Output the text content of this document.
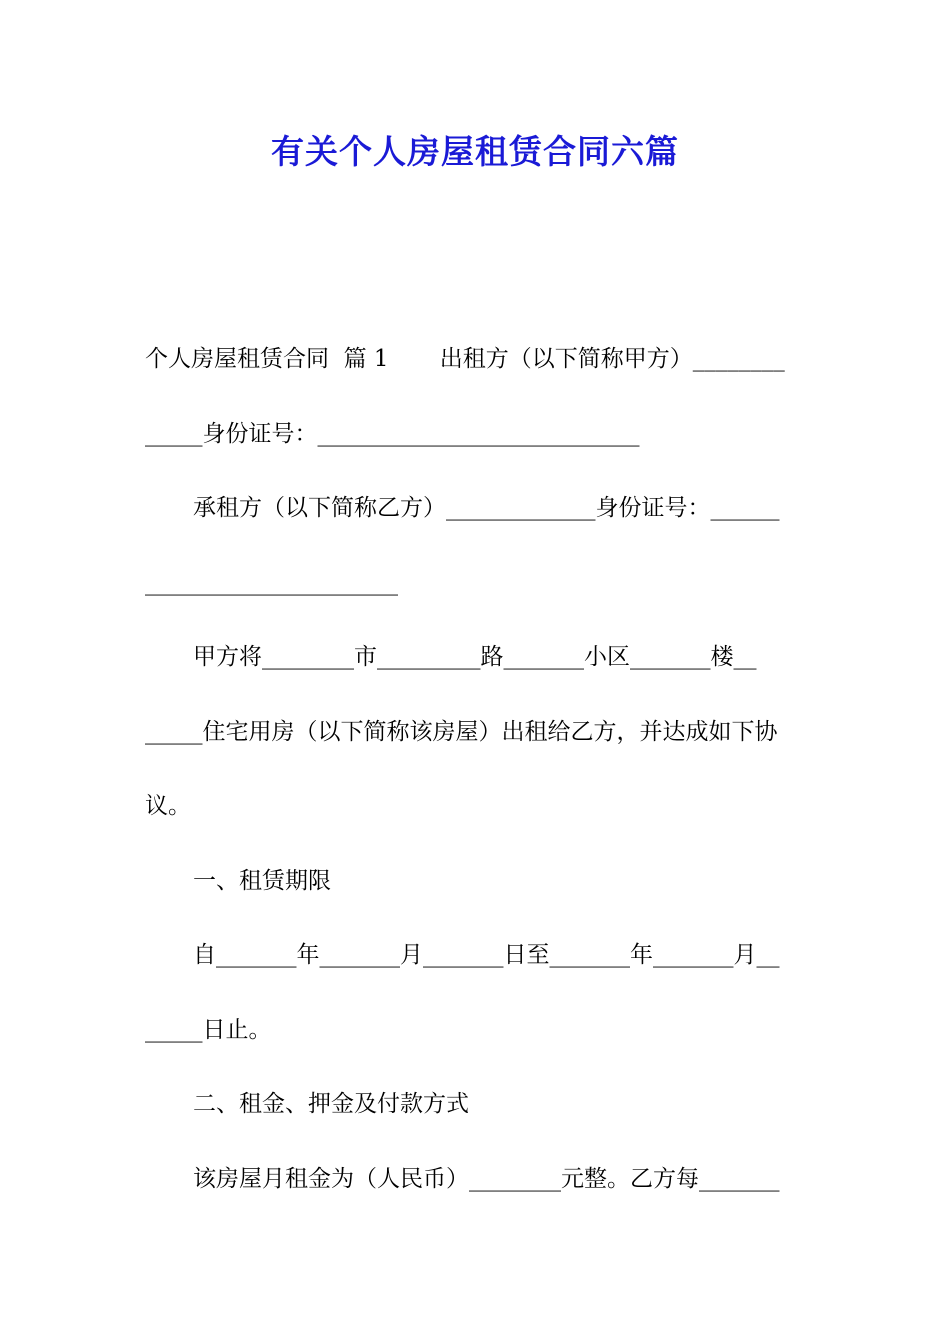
有关个人房屋租赁合同六篇
个人房屋租赁合同  篇 1       出租方（以下简称甲方）________
_____身份证号：____________________________
承租方（以下简称乙方）_____________身份证号：______
______________________
甲方将________市_________路_______小区_______楼__
_____住宅用房（以下简称该房屋）出租给乙方，并达成如下协
议。
一、租赁期限
自_______年_______月_______日至_______年_______月__
_____日止。
二、租金、押金及付款方式
该房屋月租金为（人民币）________元整。乙方每_______
